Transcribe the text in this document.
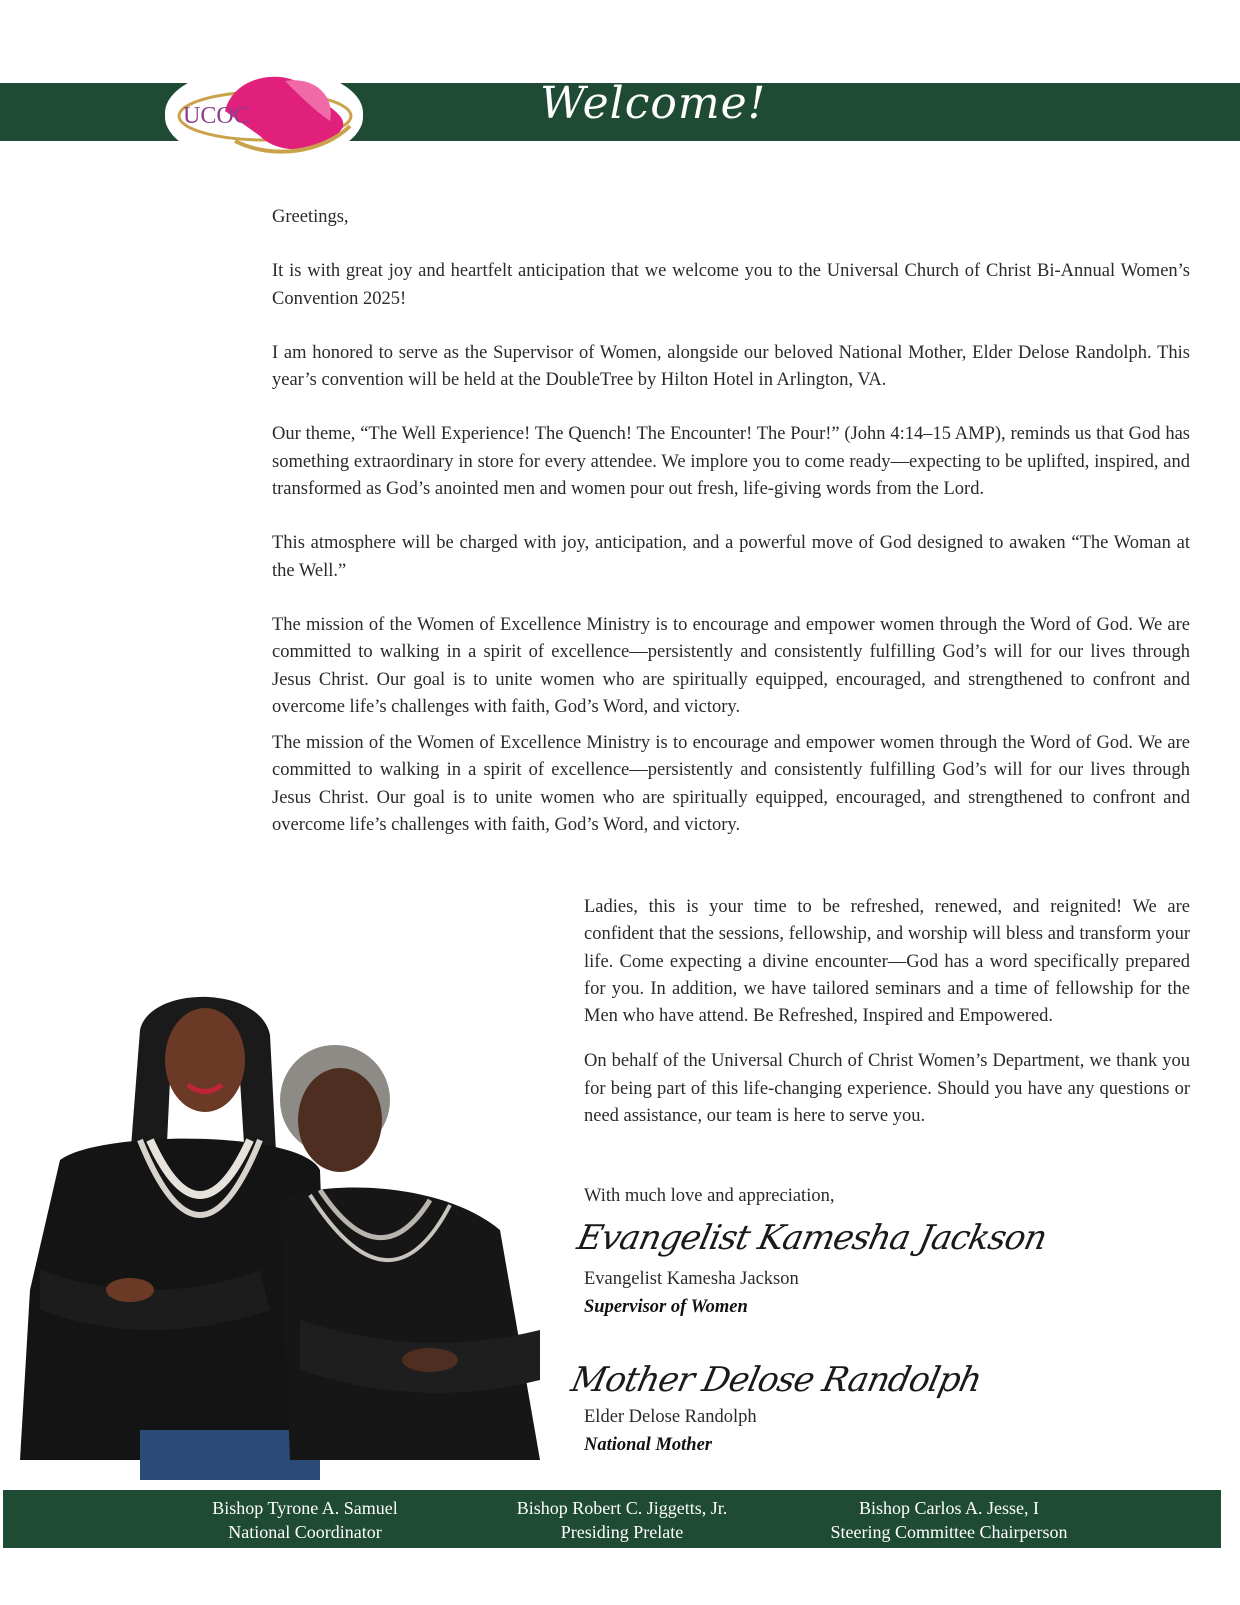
UCOC	Welcome!

Greetings,

It is with great joy and heartfelt anticipation that we welcome you to the Universal Church of Christ Bi-Annual Women’s Convention 2025!

I am honored to serve as the Supervisor of Women, alongside our beloved National Mother, Elder Delose Randolph. This year’s convention will be held at the DoubleTree by Hilton Hotel in Arlington, VA.

Our theme, “The Well Experience! The Quench! The Encounter! The Pour!” (John 4:14–15 AMP), reminds us that God has something extraordinary in store for every attendee. We implore you to come ready—expecting to be uplifted, inspired, and transformed as God’s anointed men and women pour out fresh, life-giving words from the Lord.

This atmosphere will be charged with joy, anticipation, and a powerful move of God designed to awaken “The Woman at the Well.”

The mission of the Women of Excellence Ministry is to encourage and empower women through the Word of God. We are committed to walking in a spirit of excellence—persistently and consistently fulfilling God’s will for our lives through Jesus Christ. Our goal is to unite women who are spiritually equipped, encouraged, and strengthened to confront and overcome life’s challenges with faith, God’s Word, and victory.

The mission of the Women of Excellence Ministry is to encourage and empower women through the Word of God. We are committed to walking in a spirit of excellence—persistently and consistently fulfilling God’s will for our lives through Jesus Christ. Our goal is to unite women who are spiritually equipped, encouraged, and strengthened to confront and overcome life’s challenges with faith, God’s Word, and victory.

Ladies, this is your time to be refreshed, renewed, and reignited! We are confident that the sessions, fellowship, and worship will bless and transform your life. Come expecting a divine encounter—God has a word specifically prepared for you. In addition, we have tailored seminars and a time of fellowship for the Men who have attend. Be Refreshed, Inspired and Empowered.

On behalf of the Universal Church of Christ Women’s Department, we thank you for being part of this life-changing experience. Should you have any questions or need assistance, our team is here to serve you.

With much love and appreciation,
Evangelist Kamesha Jackson
Evangelist Kamesha Jackson
Supervisor of Women
Mother Delose Randolph
Elder Delose Randolph
National Mother
Bishop Tyrone A. Samuel
National Coordinator
Bishop Robert C. Jiggetts, Jr.
Presiding Prelate
Bishop Carlos A. Jesse, I
Steering Committee Chairperson
